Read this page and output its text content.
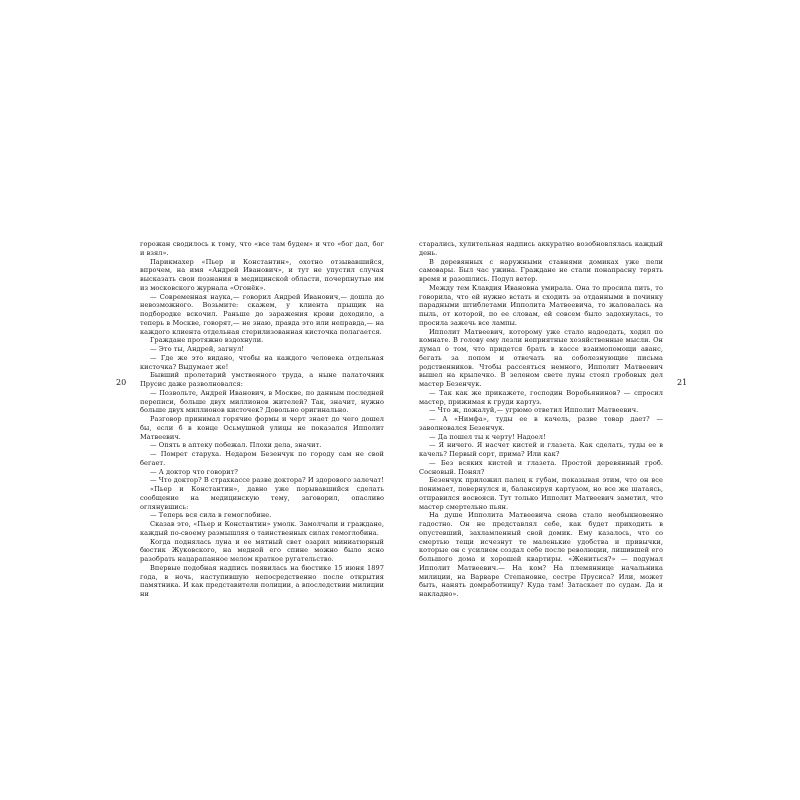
20	21

горожан сводилось к тому, что «все там будем» и что «бог дал, бог и взял».

Парикмахер «Пьер и Константин», охотно отзывавшийся, впрочем, на имя «Андрей Иванович», и тут не упустил случая высказать свои познания в медицинской области, почерпнутые им из московского журнала «Огонёк».

— Современная наука,— говорил Андрей Иванович,— дошла до невозможного. Возьмите: скажем, у клиента прыщик на подбородке вскочил. Раньше до заражения крови доходило, а теперь в Москве, говорят,— не знаю, правда это или неправда,— на каждого клиента отдельная стерилизованная кисточка полагается.

Граждане протяжно вздохнули.

— Это ты, Андрей, загнул!

— Где же это видано, чтобы на каждого человека отдельная кисточка? Выдумает же!

Бывший пролетарий умственного труда, а ныне палаточник Прусис даже разволновался:

— Позвольте, Андрей Иванович, в Москве, по данным последней переписи, больше двух миллионов жителей? Так, значит, нужно больше двух миллионов кисточек? Довольно оригинально.

Разговор принимал горячие формы и черт знает до чего дошел бы, если б в конце Осьмушной улицы не показался Ипполит Матвеевич.

— Опять в аптеку побежал. Плохи дела, значит.

— Помрет старуха. Недаром Безенчук по городу сам не свой бегает.

— А доктор что говорит?

— Что доктор? В страхкассе разве доктора? И здорового залечат!

«Пьер и Константин», давно уже порывавшийся сделать сообщение на медицинскую тему, заговорил, опасливо оглянувшись:

— Теперь вся сила в гемоглобине.

Сказав это, «Пьер и Константин» умолк. Замолчали и граждане, каждый по-своему размышляя о таинственных силах гемоглобина.

Когда поднялась луна и ее мятный свет озарил миниатюрный бюстик Жуковского, на медной его спине можно было ясно разобрать нацарапанное мелом краткое ругательство.

Впервые подобная надпись появилась на бюстике 15 июня 1897 года, в ночь, наступившую непосредственно после открытия памятника. И как представители полиции, а впоследствии милиции ни

старались, хулительная надпись аккуратно возобновлялась каждый день.

В деревянных с наружными ставнями домиках уже пели самовары. Был час ужина. Граждане не стали понапрасну терять время и разошлись. Подул ветер.

Между тем Клавдия Ивановна умирала. Она то просила пить, то говорила, что ей нужно встать и сходить за отданными в починку парадными штиблетами Ипполита Матвеевича, то жаловалась на пыль, от которой, по ее словам, ей совсем было задохнулась, то просила зажечь все лампы.

Ипполит Матвеевич, которому уже стало надоедать, ходил по комнате. В голову ему лезли неприятные хозяйственные мысли. Он думал о том, что придется брать в кассе взаимопомощи аванс, бегать за попом и отвечать на соболезнующие письма родственников. Чтобы рассеяться немного, Ипполит Матвеевич вышел на крылечко. В зеленом свете луны стоял гробовых дел мастер Безенчук.

— Так как же прикажете, господин Воробьянинов? — спросил мастер, прижимая к груди картуз.

— Что ж, пожалуй,— угрюмо ответил Ипполит Матвеевич.

— А «Нимфа», туды ее в качель, разве товар дает? — заволновался Безенчук.

— Да пошел ты к черту! Надоел!

— Я ничего. Я насчет кистей и глазета. Как сделать, туды ее в качель? Первый сорт, прима? Или как?

— Без всяких кистей и глазета. Простой деревянный гроб. Сосновый. Понял?

Безенчук приложил палец к губам, показывая этим, что он все понимает, повернулся и, балансируя картузом, но все же шатаясь, отправился восвояси. Тут только Ипполит Матвеевич заметил, что мастер смертельно пьян.

На душе Ипполита Матвеевича снова стало необыкновенно гадостно. Он не представлял себе, как будет приходить в опустевший, захламленный свой домик. Ему казалось, что со смертью тещи исчезнут те маленькие удобства и привычки, которые он с усилием создал себе после революции, лишившей его большого дома и хорошей квартиры. «Жениться?» — подумал Ипполит Матвеевич.— На ком? На племяннице начальника милиции, на Варваре Степановне, сестре Прусиса? Или, может быть, нанять домработницу? Куда там! Затаскает по судам. Да и накладно».
